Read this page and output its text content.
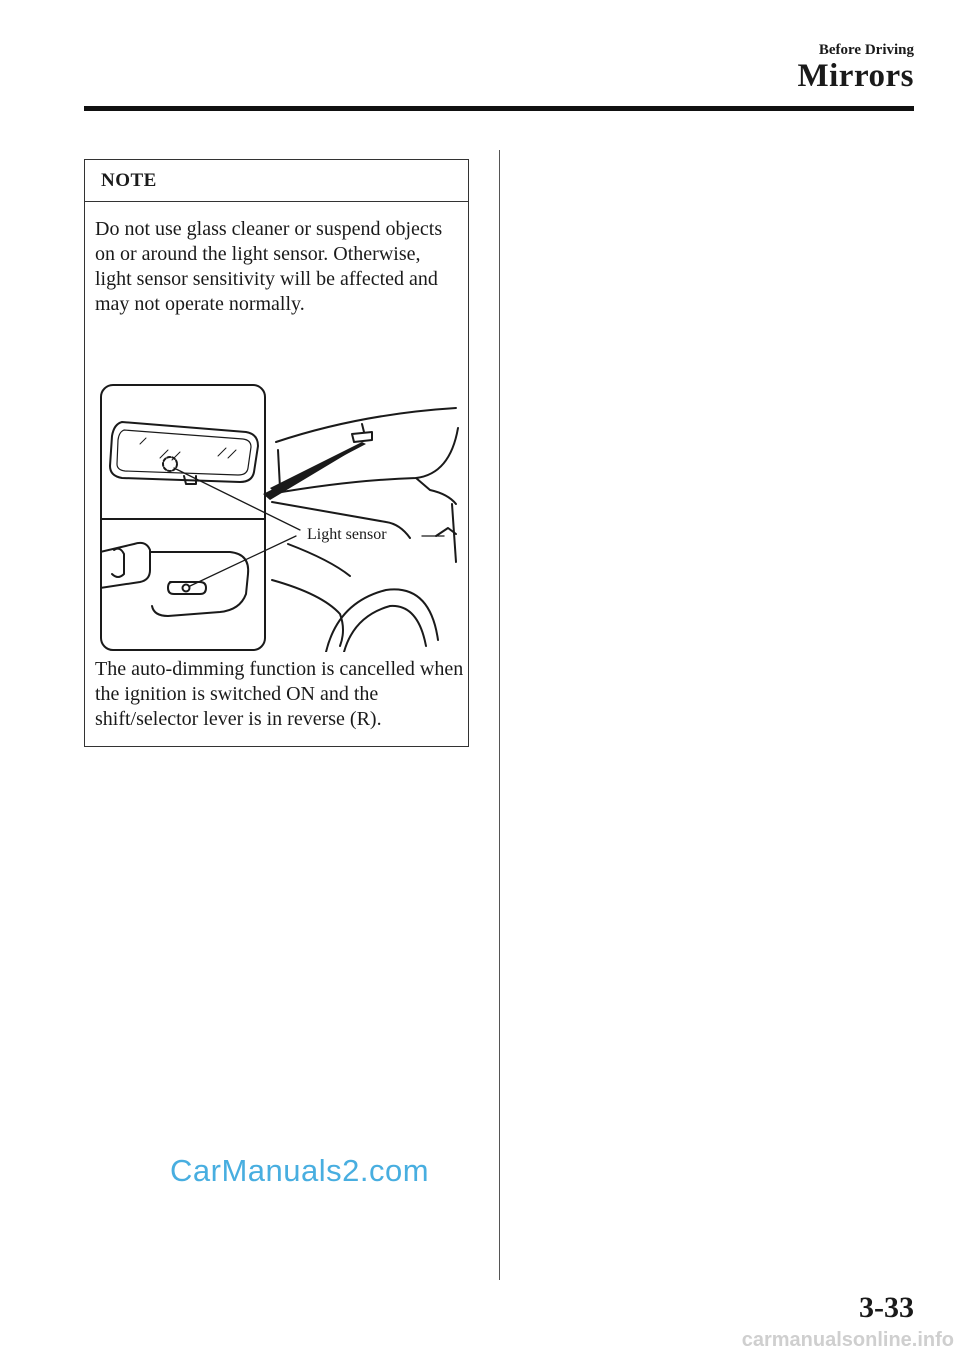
Before Driving
Mirrors
NOTE
Do not use glass cleaner or suspend objects on or around the light sensor. Otherwise, light sensor sensitivity will be affected and may not operate normally.
The auto-dimming function is cancelled when the ignition is switched ON and the shift/selector lever is in reverse (R).
Light sensor
CarManuals2.com
3-33
carmanualsonline.info
